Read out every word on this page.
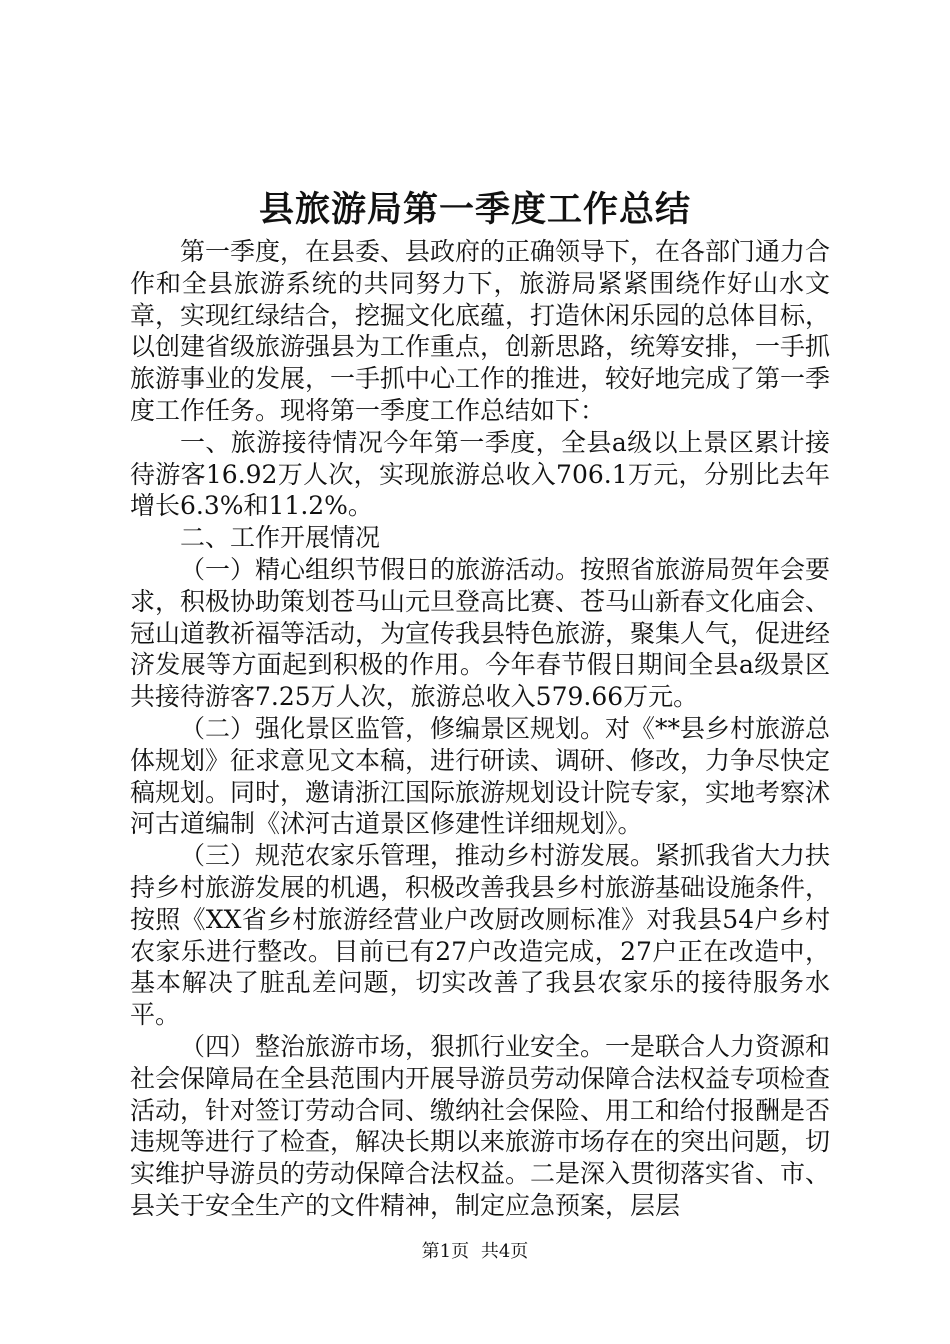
县旅游局第一季度工作总结

第一季度，在县委、县政府的正确领导下，在各部门通力合作和全县旅游系统的共同努力下，旅游局紧紧围绕作好山水文章，实现红绿结合，挖掘文化底蕴，打造休闲乐园的总体目标，以创建省级旅游强县为工作重点，创新思路，统筹安排，一手抓旅游事业的发展，一手抓中心工作的推进，较好地完成了第一季度工作任务。现将第一季度工作总结如下：

一、旅游接待情况今年第一季度，全县a级以上景区累计接待游客16.92万人次，实现旅游总收入706.1万元，分别比去年增长6.3%和11.2%。

二、工作开展情况

（一）精心组织节假日的旅游活动。按照省旅游局贺年会要求，积极协助策划苍马山元旦登高比赛、苍马山新春文化庙会、冠山道教祈福等活动，为宣传我县特色旅游，聚集人气，促进经济发展等方面起到积极的作用。今年春节假日期间全县a级景区共接待游客7.25万人次，旅游总收入579.66万元。

（二）强化景区监管，修编景区规划。对《**县乡村旅游总体规划》征求意见文本稿，进行研读、调研、修改，力争尽快定稿规划。同时，邀请浙江国际旅游规划设计院专家，实地考察沭河古道编制《沭河古道景区修建性详细规划》。

（三）规范农家乐管理，推动乡村游发展。紧抓我省大力扶持乡村旅游发展的机遇，积极改善我县乡村旅游基础设施条件，按照《XX省乡村旅游经营业户改厨改厕标准》对我县54户乡村农家乐进行整改。目前已有27户改造完成，27户正在改造中，基本解决了脏乱差问题，切实改善了我县农家乐的接待服务水平。

（四）整治旅游市场，狠抓行业安全。一是联合人力资源和社会保障局在全县范围内开展导游员劳动保障合法权益专项检查活动，针对签订劳动合同、缴纳社会保险、用工和给付报酬是否违规等进行了检查，解决长期以来旅游市场存在的突出问题，切实维护导游员的劳动保障合法权益。二是深入贯彻落实省、市、县关于安全生产的文件精神，制定应急预案，层层

第1页 共4页
